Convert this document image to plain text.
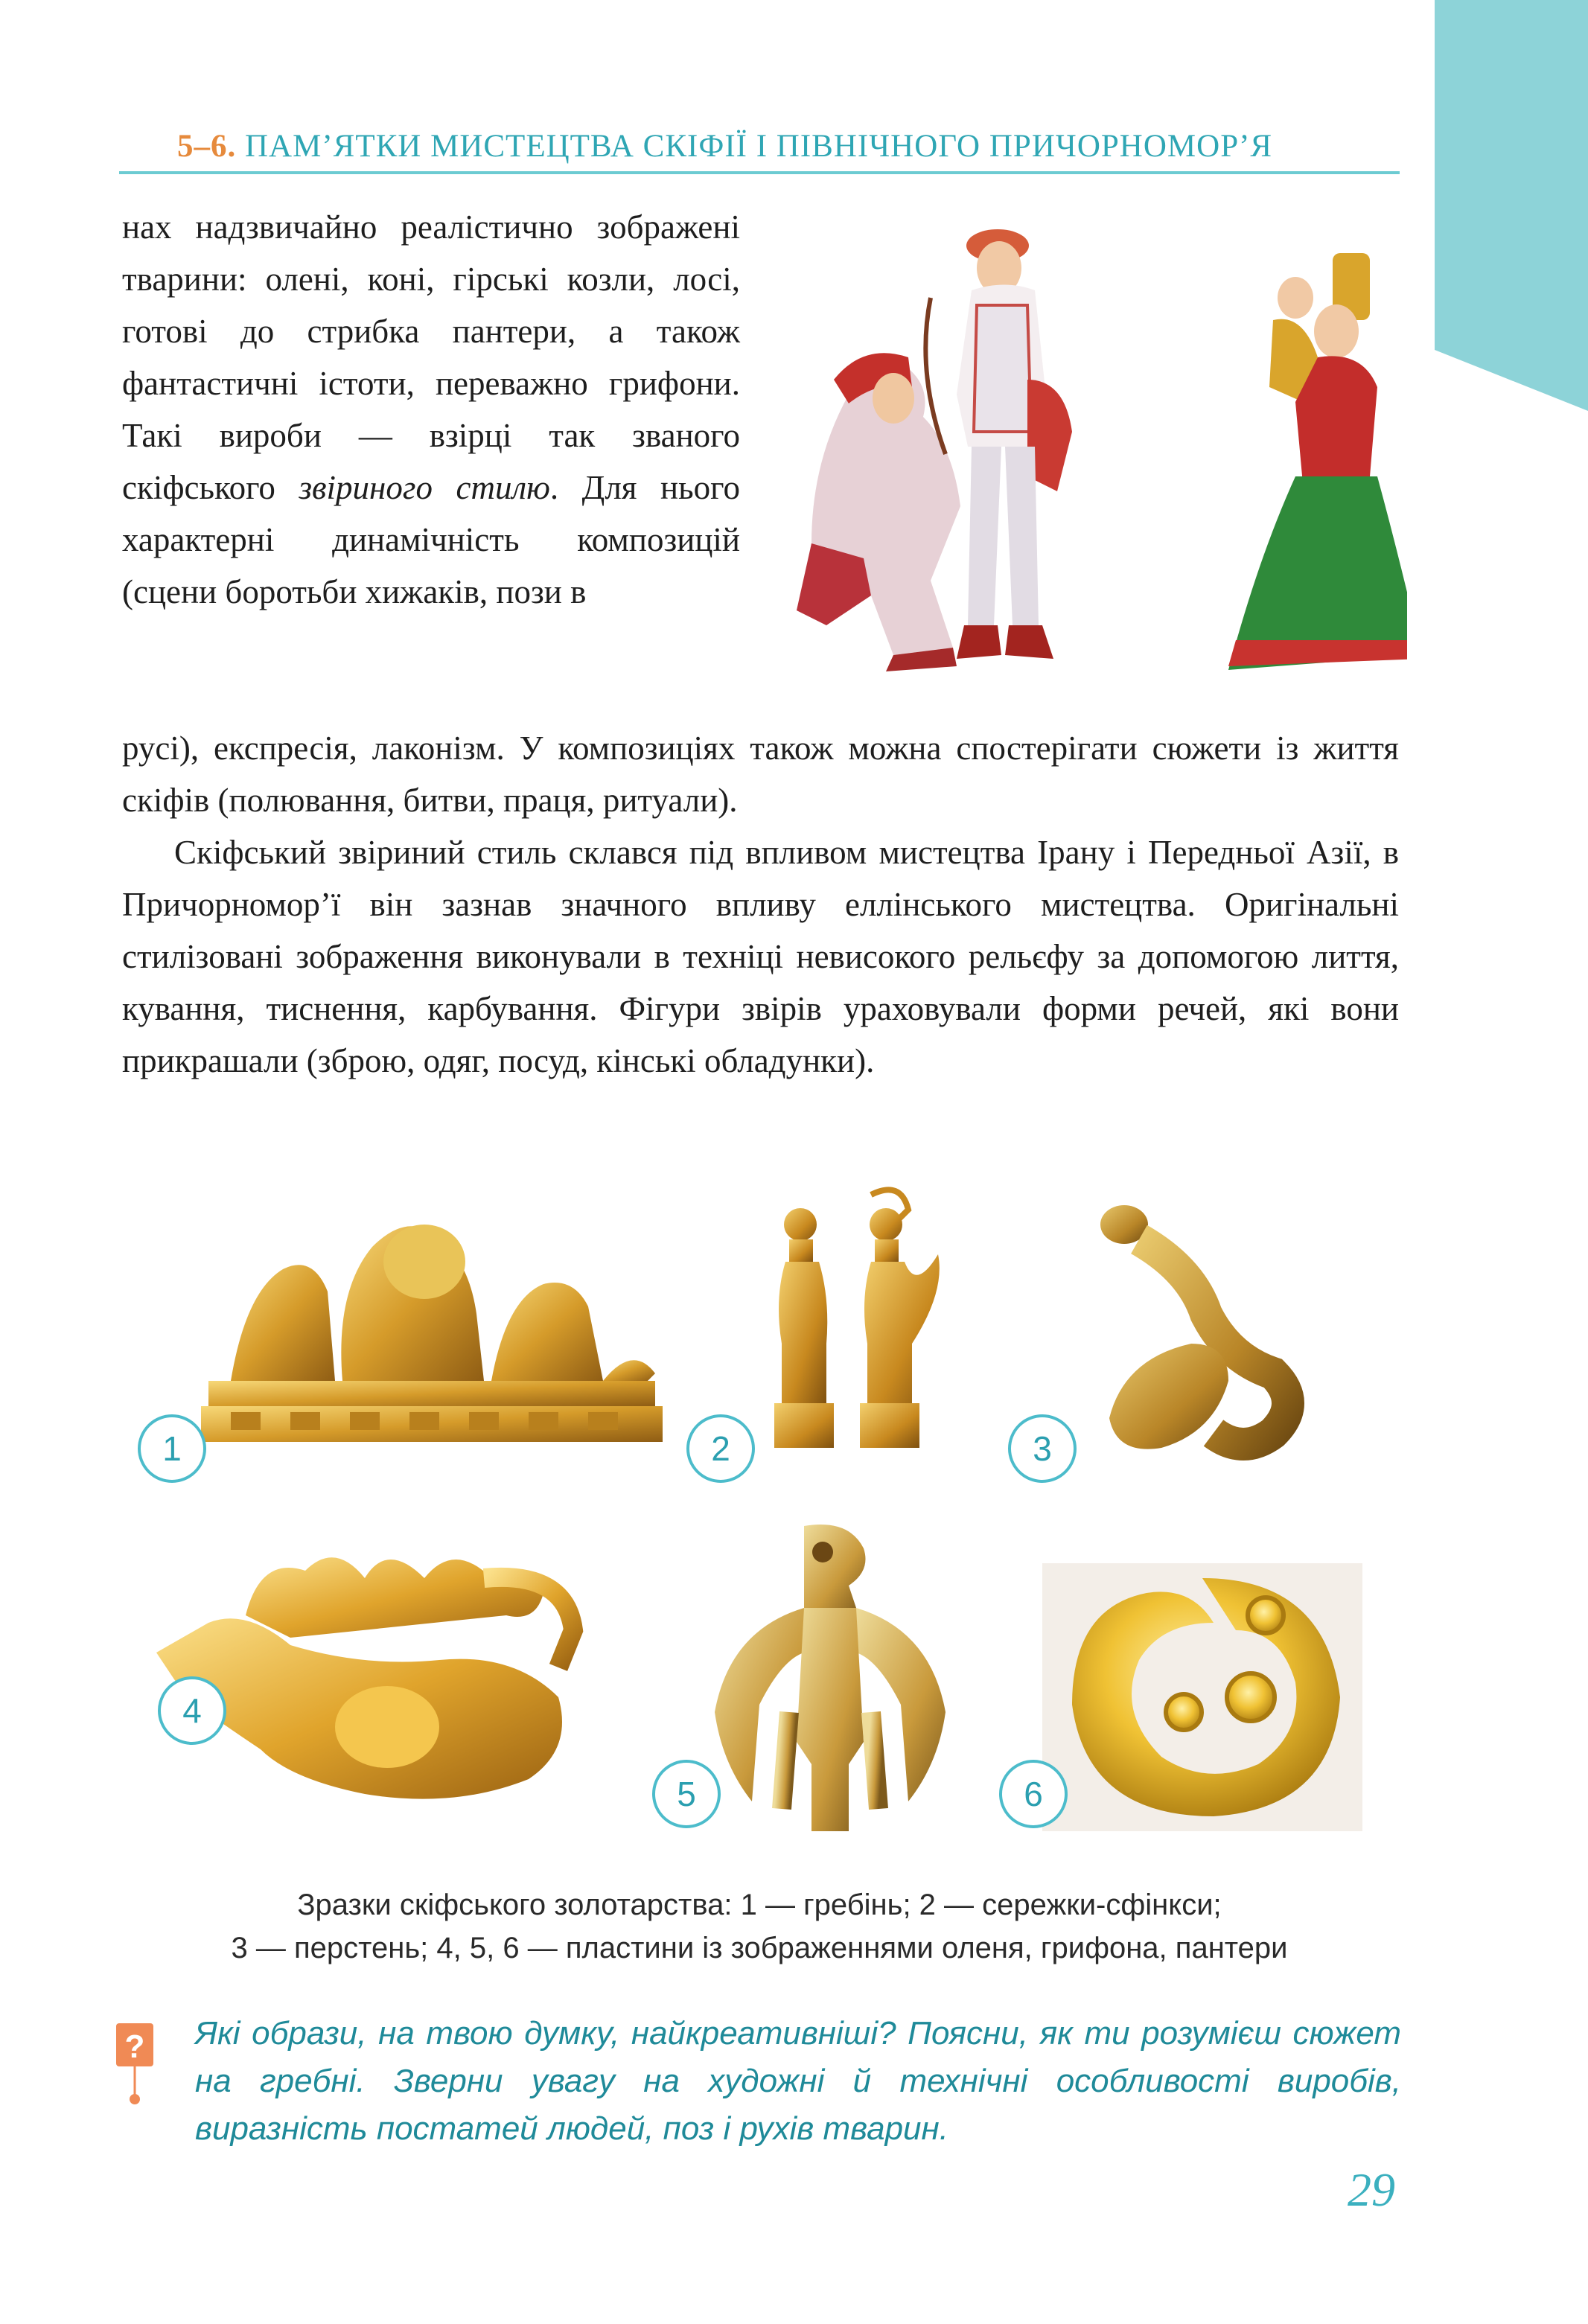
5–6. ПАМ’ЯТКИ МИСТЕЦТВА СКІФІЇ І ПІВНІЧНОГО ПРИЧОРНОМОР’Я

нах надзвичайно реалістично зображені тварини: олені, коні, гірські козли, лосі, готові до стрибка пантери, а також фантастичні істоти, переважно грифони. Такі вироби — взірці так званого скіфського звіриного стилю. Для нього характерні динамічність композицій (сцени боротьби хижаків, пози в

русі), експресія, лаконізм. У композиціях також можна спостерігати сюжети із життя скіфів (полювання, битви, праця, ритуали).

Скіфський звіриний стиль склався під впливом мистецтва Ірану і Передньої Азії, в Причорномор’ї він зазнав значного впливу еллінського мистецтва. Оригінальні стилізовані зображення виконували в техніці невисокого рельєфу за допомогою лиття, кування, тиснення, карбування. Фігури звірів ураховували форми речей, які вони прикрашали (зброю, одяг, посуд, кінські обладунки).

1	2	3
4
5	6
Зразки скіфського золотарства: 1 — гребінь; 2 — сережки-сфінкси;
3 — перстень; 4, 5, 6 — пластини із зображеннями оленя, грифона, пантери
? Які образи, на твою думку, найкреативніші? Поясни, як ти розумієш сюжет на гребні. Зверни увагу на художні й технічні особливості виробів, виразність постатей людей, поз і рухів тварин.
29
